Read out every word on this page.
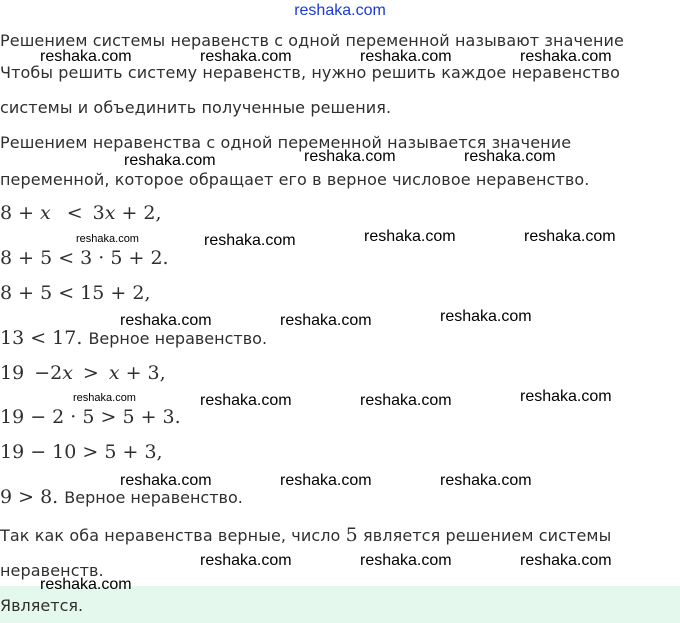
reshaka.com
Решением системы неравенств с одной переменной называют значение
Чтобы решить систему неравенств, нужно решить каждое неравенство
системы и объединить полученные решения.
Решением неравенства с одной переменной называется значение
переменной, которое обращает его в верное числовое неравенство.
8 + x < 3x + 2,
8 + 5 < 3 · 5 + 2.
8 + 5 < 15 + 2,
13 < 17. Верное неравенство.
19 −2x > x + 3,
19 − 2 · 5 > 5 + 3.
19 − 10 > 5 + 3,
9 > 8. Верное неравенство.
Так как оба неравенства верные, число 5 является решением системы
неравенств.
Является.
reshaka.com	reshaka.com	reshaka.com	reshaka.com
reshaka.com	reshaka.com	reshaka.com
reshaka.com	reshaka.com	reshaka.com	reshaka.com
reshaka.com	reshaka.com	reshaka.com
reshaka.com	reshaka.com	reshaka.com	reshaka.com
reshaka.com	reshaka.com	reshaka.com
reshaka.com	reshaka.com	reshaka.com
reshaka.com
